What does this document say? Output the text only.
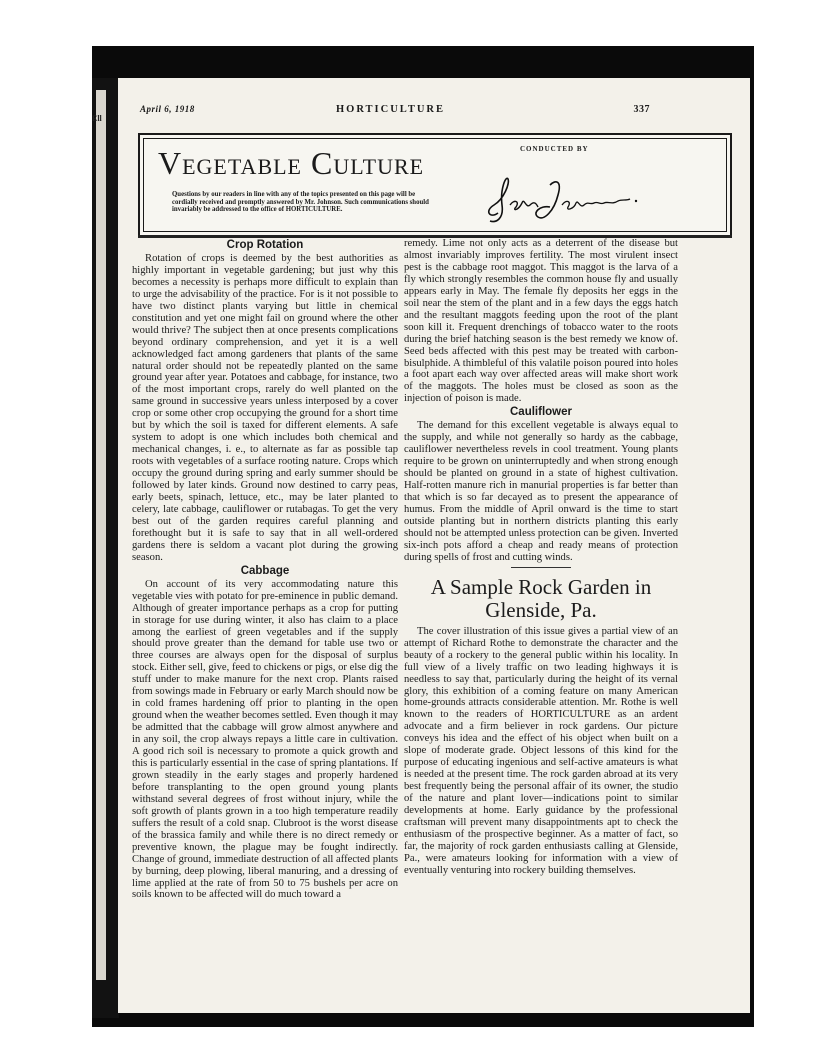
Ell
April 6, 1918	HORTICULTURE	337
Vegetable Culture
Questions by our readers in line with any of the topics presented on this page will be cordially received and promptly answered by Mr. Johnson. Such communications should invariably be addressed to the office of HORTICULTURE.
CONDUCTED BY
Crop Rotation

Rotation of crops is deemed by the best authorities as highly important in vegetable gardening; but just why this becomes a necessity is perhaps more difficult to explain than to urge the advisability of the practice. For is it not possible to have two distinct plants varying but little in chemical constitution and yet one might fail on ground where the other would thrive? The subject then at once presents complications beyond ordinary comprehension, and yet it is a well acknowledged fact among gardeners that plants of the same natural order should not be repeatedly planted on the same ground year after year. Potatoes and cabbage, for instance, two of the most important crops, rarely do well planted on the same ground in successive years unless interposed by a cover crop or some other crop occupying the ground for a short time but by which the soil is taxed for different elements. A safe system to adopt is one which includes both chemical and mechanical changes, i. e., to alternate as far as possible tap roots with vegetables of a surface rooting nature. Crops which occupy the ground during spring and early summer should be followed by later kinds. Ground now destined to carry peas, early beets, spinach, lettuce, etc., may be later planted to celery, late cabbage, cauliflower or rutabagas. To get the very best out of the garden requires careful planning and forethought but it is safe to say that in all well-ordered gardens there is seldom a vacant plot during the growing season.

Cabbage

On account of its very accommodating nature this vegetable vies with potato for pre-eminence in public demand. Although of greater importance perhaps as a crop for putting in storage for use during winter, it also has claim to a place among the earliest of green vegetables and if the supply should prove greater than the demand for table use two or three courses are always open for the disposal of surplus stock. Either sell, give, feed to chickens or pigs, or else dig the stuff under to make manure for the next crop. Plants raised from sowings made in February or early March should now be in cold frames hardening off prior to planting in the open ground when the weather becomes settled. Even though it may be admitted that the cabbage will grow almost anywhere and in any soil, the crop always repays a little care in cultivation. A good rich soil is necessary to promote a quick growth and this is particularly essential in the case of spring plantations. If grown steadily in the early stages and properly hardened before transplanting to the open ground young plants withstand several degrees of frost without injury, while the soft growth of plants grown in a too high temperature readily suffers the result of a cold snap. Clubroot is the worst disease of the brassica family and while there is no direct remedy or preventive known, the plague may be fought indirectly. Change of ground, immediate destruction of all affected plants by burning, deep plowing, liberal manuring, and a dressing of lime applied at the rate of from 50 to 75 bushels per acre on soils known to be affected will do much toward a

remedy. Lime not only acts as a deterrent of the disease but almost invariably improves fertility. The most virulent insect pest is the cabbage root maggot. This maggot is the larva of a fly which strongly resembles the common house fly and usually appears early in May. The female fly deposits her eggs in the soil near the stem of the plant and in a few days the eggs hatch and the resultant maggots feeding upon the root of the plant soon kill it. Frequent drenchings of tobacco water to the roots during the brief hatching season is the best remedy we know of. Seed beds affected with this pest may be treated with carbon-bisulphide. A thimbleful of this valatile poison poured into holes a foot apart each way over affected areas will make short work of the maggots. The holes must be closed as soon as the injection of poison is made.

Cauliflower

The demand for this excellent vegetable is always equal to the supply, and while not generally so hardy as the cabbage, cauliflower nevertheless revels in cool treatment. Young plants require to be grown on uninterruptedly and when strong enough should be planted on ground in a state of highest cultivation. Half-rotten manure rich in manurial properties is far better than that which is so far decayed as to present the appearance of humus. From the middle of April onward is the time to start outside planting but in northern districts planting this early should not be attempted unless protection can be given. Inverted six-inch pots afford a cheap and ready means of protection during spells of frost and cutting winds.

A Sample Rock Garden in Glenside, Pa.

The cover illustration of this issue gives a partial view of an attempt of Richard Rothe to demonstrate the character and the beauty of a rockery to the general public within his locality. In full view of a lively traffic on two leading highways it is needless to say that, particularly during the height of its vernal glory, this exhibition of a coming feature on many American home-grounds attracts considerable attention. Mr. Rothe is well known to the readers of HORTICULTURE as an ardent advocate and a firm believer in rock gardens. Our picture conveys his idea and the effect of his object when built on a slope of moderate grade. Object lessons of this kind for the purpose of educating ingenious and self-active amateurs is what is needed at the present time. The rock garden abroad at its very best frequently being the personal affair of its owner, the studio of the nature and plant lover—indications point to similar developments at home. Early guidance by the professional craftsman will prevent many disappointments apt to check the enthusiasm of the prospective beginner. As a matter of fact, so far, the majority of rock garden enthusiasts calling at Glenside, Pa., were amateurs looking for information with a view of eventually venturing into rockery building themselves.
